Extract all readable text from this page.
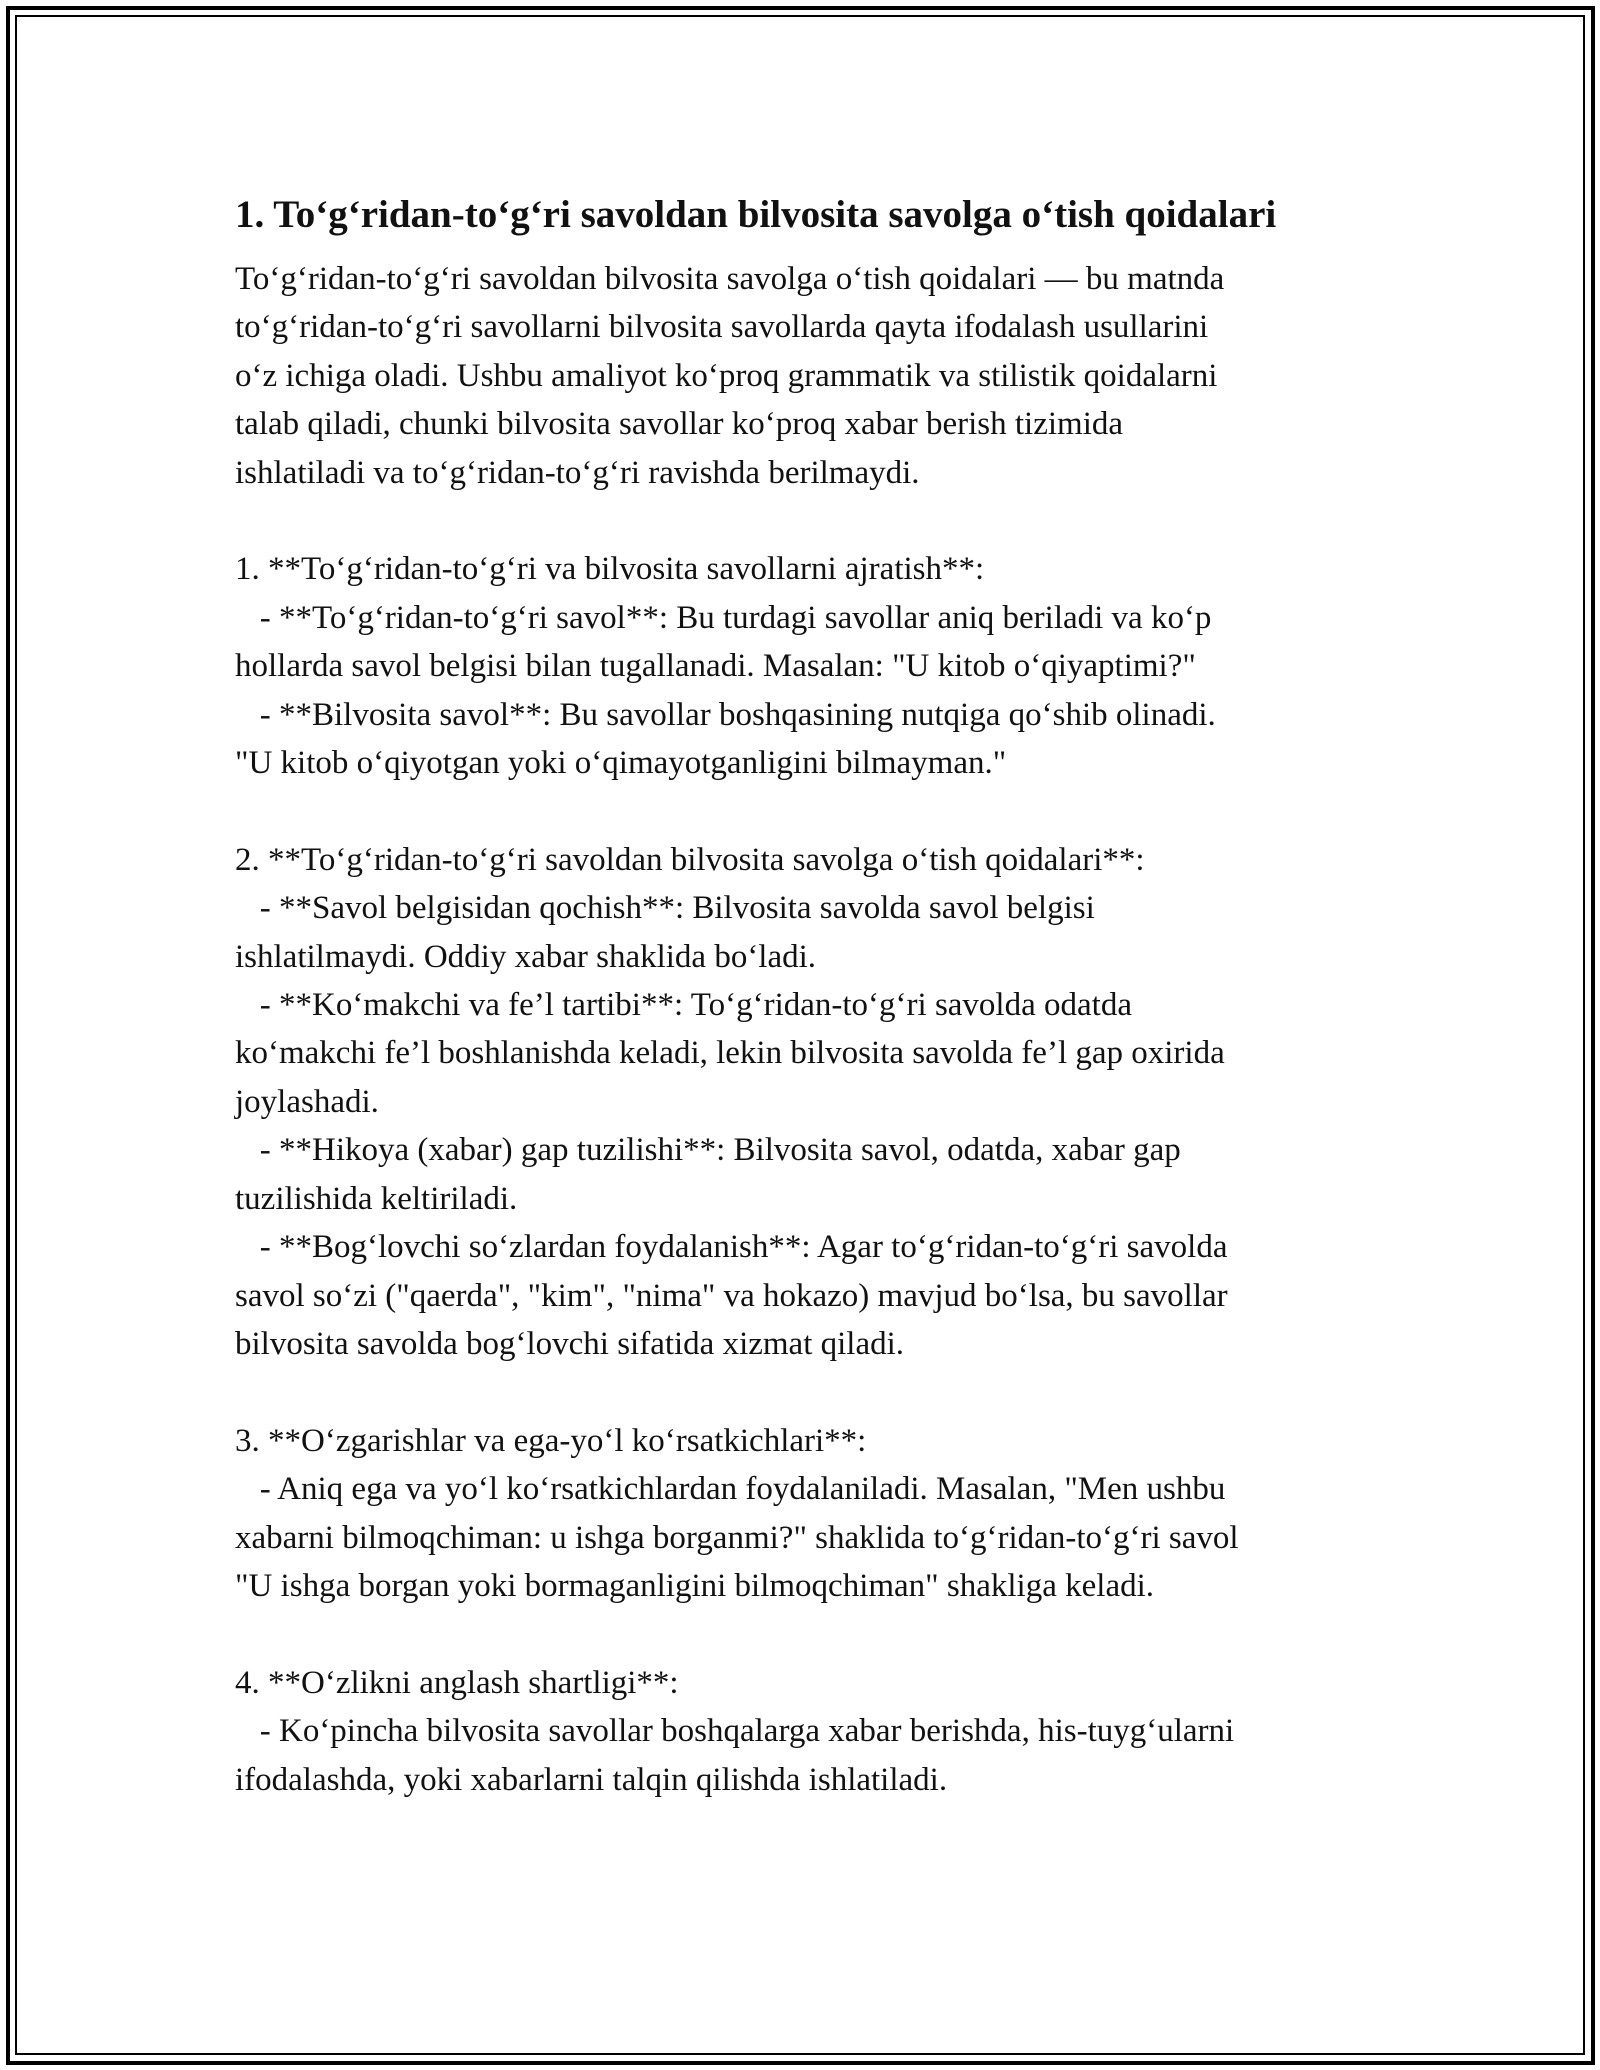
1. To‘g‘ridan-to‘g‘ri savoldan bilvosita savolga o‘tish qoidalari
To‘g‘ridan-to‘g‘ri savoldan bilvosita savolga o‘tish qoidalari — bu matnda
to‘g‘ridan-to‘g‘ri savollarni bilvosita savollarda qayta ifodalash usullarini
o‘z ichiga oladi. Ushbu amaliyot ko‘proq grammatik va stilistik qoidalarni
talab qiladi, chunki bilvosita savollar ko‘proq xabar berish tizimida
ishlatiladi va to‘g‘ridan-to‘g‘ri ravishda berilmaydi.
1. **To‘g‘ridan-to‘g‘ri va bilvosita savollarni ajratish**:
- **To‘g‘ridan-to‘g‘ri savol**: Bu turdagi savollar aniq beriladi va ko‘p
hollarda savol belgisi bilan tugallanadi. Masalan: "U kitob o‘qiyaptimi?"
- **Bilvosita savol**: Bu savollar boshqasining nutqiga qo‘shib olinadi.
"U kitob o‘qiyotgan yoki o‘qimayotganligini bilmayman."
2. **To‘g‘ridan-to‘g‘ri savoldan bilvosita savolga o‘tish qoidalari**:
- **Savol belgisidan qochish**: Bilvosita savolda savol belgisi
ishlatilmaydi. Oddiy xabar shaklida bo‘ladi.
- **Ko‘makchi va fe’l tartibi**: To‘g‘ridan-to‘g‘ri savolda odatda
ko‘makchi fe’l boshlanishda keladi, lekin bilvosita savolda fe’l gap oxirida
joylashadi.
- **Hikoya (xabar) gap tuzilishi**: Bilvosita savol, odatda, xabar gap
tuzilishida keltiriladi.
- **Bog‘lovchi so‘zlardan foydalanish**: Agar to‘g‘ridan-to‘g‘ri savolda
savol so‘zi ("qaerda", "kim", "nima" va hokazo) mavjud bo‘lsa, bu savollar
bilvosita savolda bog‘lovchi sifatida xizmat qiladi.
3. **O‘zgarishlar va ega-yo‘l ko‘rsatkichlari**:
- Aniq ega va yo‘l ko‘rsatkichlardan foydalaniladi. Masalan, "Men ushbu
xabarni bilmoqchiman: u ishga borganmi?" shaklida to‘g‘ridan-to‘g‘ri savol
"U ishga borgan yoki bormaganligini bilmoqchiman" shakliga keladi.
4. **O‘zlikni anglash shartligi**:
- Ko‘pincha bilvosita savollar boshqalarga xabar berishda, his-tuyg‘ularni
ifodalashda, yoki xabarlarni talqin qilishda ishlatiladi.
